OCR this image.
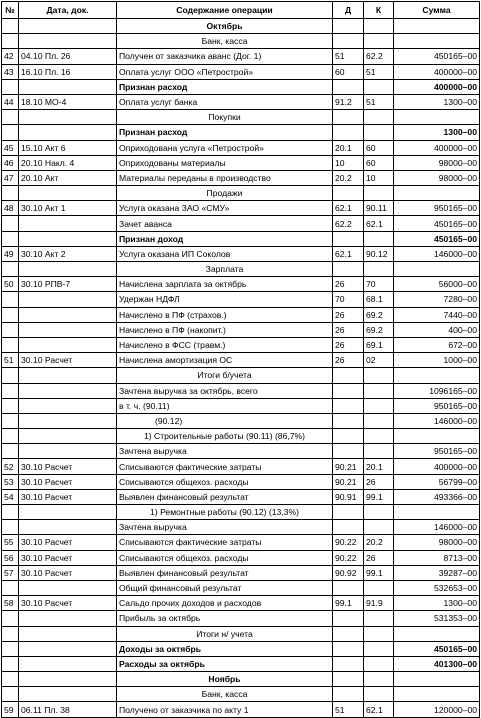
№	Дата, док.	Содержание операции	Д	К	Сумма
		Октябрь			
		Банк, касса			
42	04.10 Пл. 26	Получен от заказчика аванс (Дог. 1)	51	62.2	450165–00
43	16.10 Пл. 16	Оплата услуг ООО «Петрострой»	60	51	400000–00
		Признан расход			400000–00
44	18.10 МО-4	Оплата услуг банка	91.2	51	1300–00
		Покупки			
		Признан расход			1300–00
45	15.10 Акт 6	Оприходована услуга «Петрострой»	20.1	60	400000–00
46	20.10 Накл. 4	Оприходованы материалы	10	60	98000–00
47	20.10 Акт	Материалы переданы в производство	20.2	10	98000–00
		Продажи			
48	30.10 Акт 1	Услуга оказана ЗАО «СМУ»	62.1	90.11	950165–00
		Зачет аванса	62.2	62.1	450165–00
		Признан доход			450165–00
49	30.10 Акт 2	Услуга оказана ИП Соколов	62.1	90.12	146000–00
		Зарплата			
50	30.10 РПВ-7	Начислена зарплата за октябрь	26	70	56000–00
		Удержан НДФЛ	70	68.1	7280–00
		Начислено в ПФ (страхов.)	26	69.2	7440–00
		Начислено в ПФ (накопит.)	26	69.2	400–00
		Начислено в ФСС (травм.)	26	69.1	672–00
51	30.10 Расчет	Начислена амортизация ОС	26	02	1000–00
		Итоги б/учета			
		Зачтена выручка за октябрь, всего			1096165–00
		в т. ч. (90.11)			950165–00
		(90.12)			146000–00
		1) Строительные работы (90.11) (86,7%)			
		Зачтена выручка			950165–00
52	30.10 Расчет	Списываются фактические затраты	90.21	20.1	400000–00
53	30.10 Расчет	Списываются общехоз. расходы	90.21	26	56799–00
54	30.10 Расчет	Выявлен финансовый результат	90.91	99.1	493366–00
		1) Ремонтные работы (90.12) (13,3%)			
		Зачтена выручка			146000–00
55	30.10 Расчет	Списываются фактические затраты	90.22	20.2	98000–00
56	30.10 Расчет	Списываются общехоз. расходы	90.22	26	8713–00
57	30.10 Расчет	Выявлен финансовый результат	90.92	99.1	39287–00
		Общий финансовый результат			532653–00
58	30.10 Расчет	Сальдо прочих доходов и расходов	99.1	91.9	1300–00
		Прибыль за октябрь			531353–00
		Итоги н/ учета			
		Доходы за октябрь			450165–00
		Расходы за октябрь			401300–00
		Ноябрь			
		Банк, касса			
59	06.11 Пл. 38	Получено от заказчика по акту 1	51	62.1	120000–00
